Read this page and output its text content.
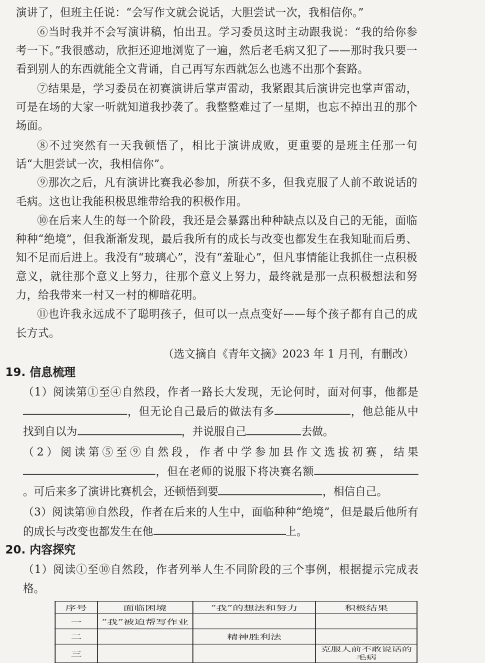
演讲了，但班主任说：“会写作文就会说话，大胆尝试一次，我相信你。”
⑥当时我并不会写演讲稿，怕出丑。学习委员这时主动跟我说：“我的给你参考一下。”我很感动，欣拒还迎地浏览了一遍，然后老毛病又犯了——那时我只要一看到别人的东西就能全文背诵，自己再写东西就怎么也逃不出那个套路。
⑦结果是，学习委员在初赛演讲后掌声雷动，我紧跟其后演讲完也掌声雷动，可是在场的大家一听就知道我抄袭了。我整整难过了一星期，也忘不掉出丑的那个场面。
⑧不过突然有一天我顿悟了，相比于演讲成败，更重要的是班主任那一句话“大胆尝试一次，我相信你”。
⑨那次之后，凡有演讲比赛我必参加，所获不多，但我克服了人前不敢说话的毛病。这也让我能积极思维带给我的积极作用。
⑩在后来人生的每一个阶段，我还是会暴露出种种缺点以及自己的无能，面临种种“绝境”，但我渐渐发现，最后我所有的成长与改变也都发生在我知耻而后勇、知不足而后进上。我没有“玻璃心”，没有“羞耻心”，但凡事情能让我抓住一点积极意义，就往那个意义上努力，往那个意义上努力，最终就是那一点积极想法和努力，给我带来一村又一村的柳暗花明。
⑪也许我永远成不了聪明孩子，但可以一点点变好——每个孩子都有自己的成长方式。
（选文摘自《青年文摘》2023 年 1 月刊，有删改）
19. 信息梳理
（1）阅读第①至④自然段，作者一路长大发现，无论何时，面对何事，他都是，但无论自己最后的做法有多	，他总能从中找到自以为	，并说服自己	去做。
（2）阅读第⑤至⑨自然段，作者中学参加县作文选拔初赛，结果，但在老师的说服下将决赛名额。可后来多了演讲比赛机会，还顿悟到要	，相信自己。
（3）阅读第⑩自然段，作者在后来的人生中，面临种种“绝境”，但是最后他所有的成长与改变也都发生在他	上。
20. 内容探究
（1）阅读①至⑩自然段，作者列举人生不同阶段的三个事例，根据提示完成表格。
序号	面临困境	“我”的想法和努力	积极结果
一	“我”被迫帮写作业		
二		精神胜利法	
三			克服人前不敢说话的毛病
